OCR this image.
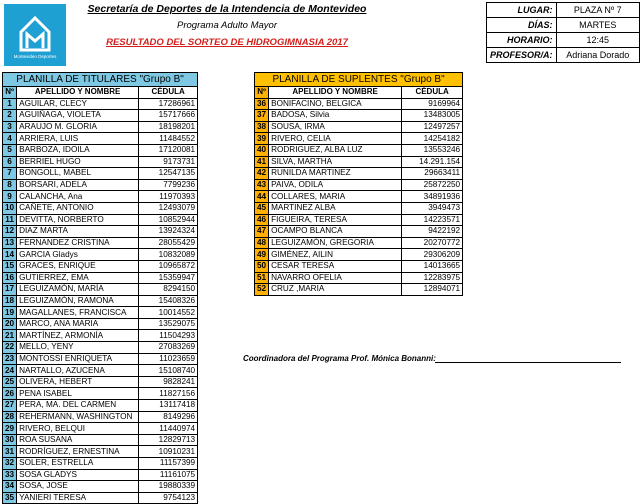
Montevideo Deportes
Secretaría de Deportes de la Intendencia de Montevideo
Programa Adulto Mayor
RESULTADO DEL SORTEO DE HIDROGIMNASIA 2017
LUGAR:	PLAZA Nº 7
DÍAS:	MARTES
HORARIO:	12:45
PROFESOR/A:	Adriana Dorado
PLANILLA DE TITULARES "Grupo B"		
Nº	APELLIDO Y NOMBRE	CÉDULA
1	AGUILAR, CLECY	17286961
2	AGUIÑAGA, VIOLETA	15717666
3	ARAUJO M. GLORIA	18198201
4	ARRIERA, LUIS	11484552
5	BARBOZA, IDOILA	17120081
6	BERRIEL HUGO	9173731
7	BONGOLL, MABEL	12547135
8	BORSARI, ADELA	7799236
9	CALANCHA, Ana	11970393
10	CAÑETE, ANTONIO	12493079
11	DEVITTA, NORBERTO	10852944
12	DIAZ MARTA	13924324
13	FERNANDEZ CRISTINA	28055429
14	GARCIA Gladys	10832089
15	GRACES, ENRIQUE	10965872
16	GUTIERREZ, EMA	15359947
17	LEGUIZAMÓN, MARÍA	8294150
18	LEGUIZAMÓN, RAMONA	15408326
19	MAGALLANES, FRANCISCA	10014552
20	MARCO, ANA MARIA	13529075
21	MARTÍNEZ, ARMONÍA	11504293
22	MELLO, YENY	27083269
23	MONTOSSI ENRIQUETA	11023659
24	NARTALLO, AZUCENA	15108740
25	OLIVERA, HEBERT	9828241
26	PENA ISABEL	11827156
27	PERA, MA. DEL CARMEN	13117418
28	REHERMANN, WASHINGTON	8149296
29	RIVERO, BELQUI	11440974
30	ROA SUSANA	12829713
31	RODRÍGUEZ, ERNESTINA	10910231
32	SOLER, ESTRELLA	11157399
33	SOSA GLADYS	11161075
34	SOSA, JOSE	19880339
35	YANIERI TERESA	9754123
PLANILLA DE SUPLENTES "Grupo B"		
Nº	APELLIDO Y NOMBRE	CÉDULA
36	BONIFACINO, BELGICA	9169964
37	BADOSA, Silvia	13483005
38	SOUSA, IRMA	12497257
39	RIVERO, CELIA	14254182
40	RODRIGUEZ, ALBA LUZ	13553246
41	SILVA, MARTHA	14.291.154
42	RUNILDA MARTINEZ	29663411
43	PAIVA, ODILA	25872250
44	COLLARES, MARIA	34891936
45	MARTINEZ ALBA	3949473
46	FIGUEIRA, TERESA	14223571
47	OCAMPO BLANCA	9422192
48	LEGUIZAMÓN, GREGORIA	20270772
49	GIMÉNEZ, AILIN	29306209
50	CESAR TERESA	14013665
51	NAVARRO OFELIA	12283975
52	CRUZ ,MARIA	12894071
Coordinadora del Programa Prof. Mónica Bonanni:
